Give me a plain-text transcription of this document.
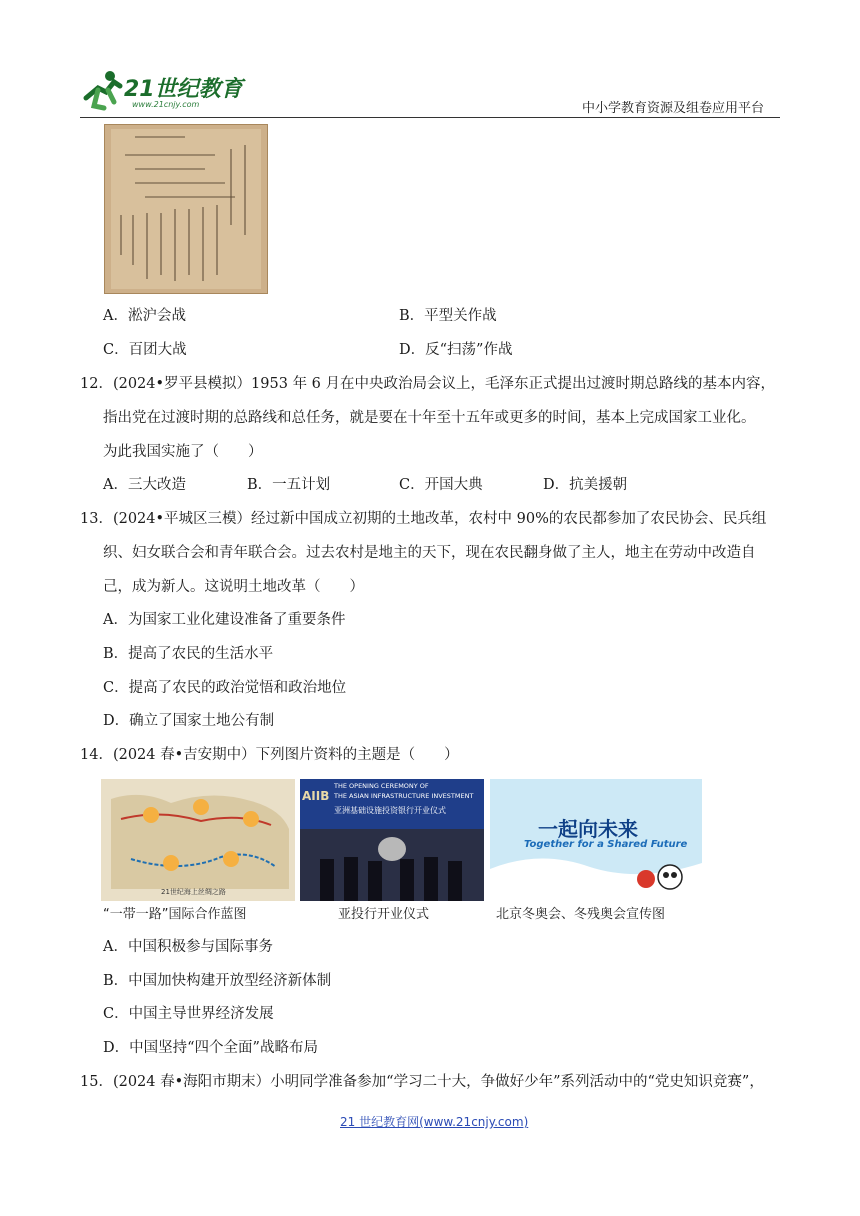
21世纪教育
www.21cnjy.com	中小学教育资源及组卷应用平台
A．淞沪会战	B．平型关作战
C．百团大战	D．反“扫荡”作战
12．(2024•罗平县模拟）1953 年 6 月在中央政治局会议上，毛泽东正式提出过渡时期总路线的基本内容，
指出党在过渡时期的总路线和总任务，就是要在十年至十五年或更多的时间，基本上完成国家工业化。
为此我国实施了（　　）
A．三大改造	B．一五计划	C．开国大典	D．抗美援朝
13．(2024•平城区三模）经过新中国成立初期的土地改革，农村中 90%的农民都参加了农民协会、民兵组
织、妇女联合会和青年联合会。过去农村是地主的天下，现在农民翻身做了主人，地主在劳动中改造自
己，成为新人。这说明土地改革（　　）
A．为国家工业化建设准备了重要条件
B．提高了农民的生活水平
C．提高了农民的政治觉悟和政治地位
D．确立了国家土地公有制
14．(2024 春•吉安期中）下列图片资料的主题是（　　）
21世纪海上丝绸之路
“一带一路”国际合作蓝图
AIIB
THE OPENING CEREMONY OF
THE ASIAN INFRASTRUCTURE INVESTMENT
亚洲基础设施投资银行开业仪式
亚投行开业仪式
一起向未来
Together for a Shared Future
北京冬奥会、冬残奥会宣传图
A．中国积极参与国际事务
B．中国加快构建开放型经济新体制
C．中国主导世界经济发展
D．中国坚持“四个全面”战略布局
15．(2024 春•海阳市期末）小明同学准备参加“学习二十大，争做好少年”系列活动中的“党史知识竞赛”，
21 世纪教育网(www.21cnjy.com)
